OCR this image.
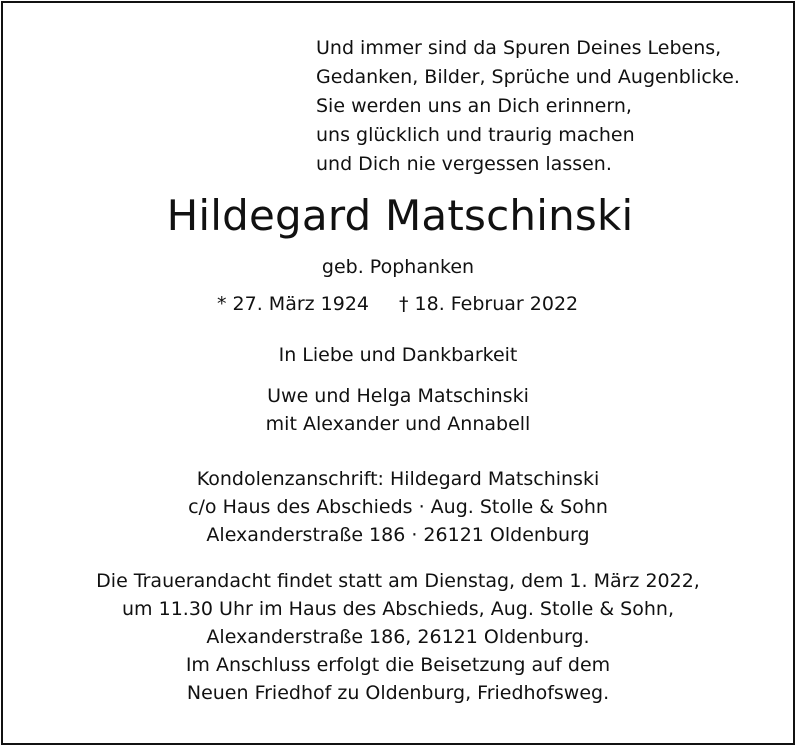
Und immer sind da Spuren Deines Lebens,
Gedanken, Bilder, Sprüche und Augenblicke.
Sie werden uns an Dich erinnern,
uns glücklich und traurig machen
und Dich nie vergessen lassen.
Hildegard Matschinski
geb. Pophanken
* 27. März 1924 † 18. Februar 2022
In Liebe und Dankbarkeit
Uwe und Helga Matschinski
mit Alexander und Annabell
Kondolenzanschrift: Hildegard Matschinski
c/o Haus des Abschieds · Aug. Stolle & Sohn
Alexanderstraße 186 · 26121 Oldenburg
Die Trauerandacht findet statt am Dienstag, dem 1. März 2022,
um 11.30 Uhr im Haus des Abschieds, Aug. Stolle & Sohn,
Alexanderstraße 186, 26121 Oldenburg.
Im Anschluss erfolgt die Beisetzung auf dem
Neuen Friedhof zu Oldenburg, Friedhofsweg.
